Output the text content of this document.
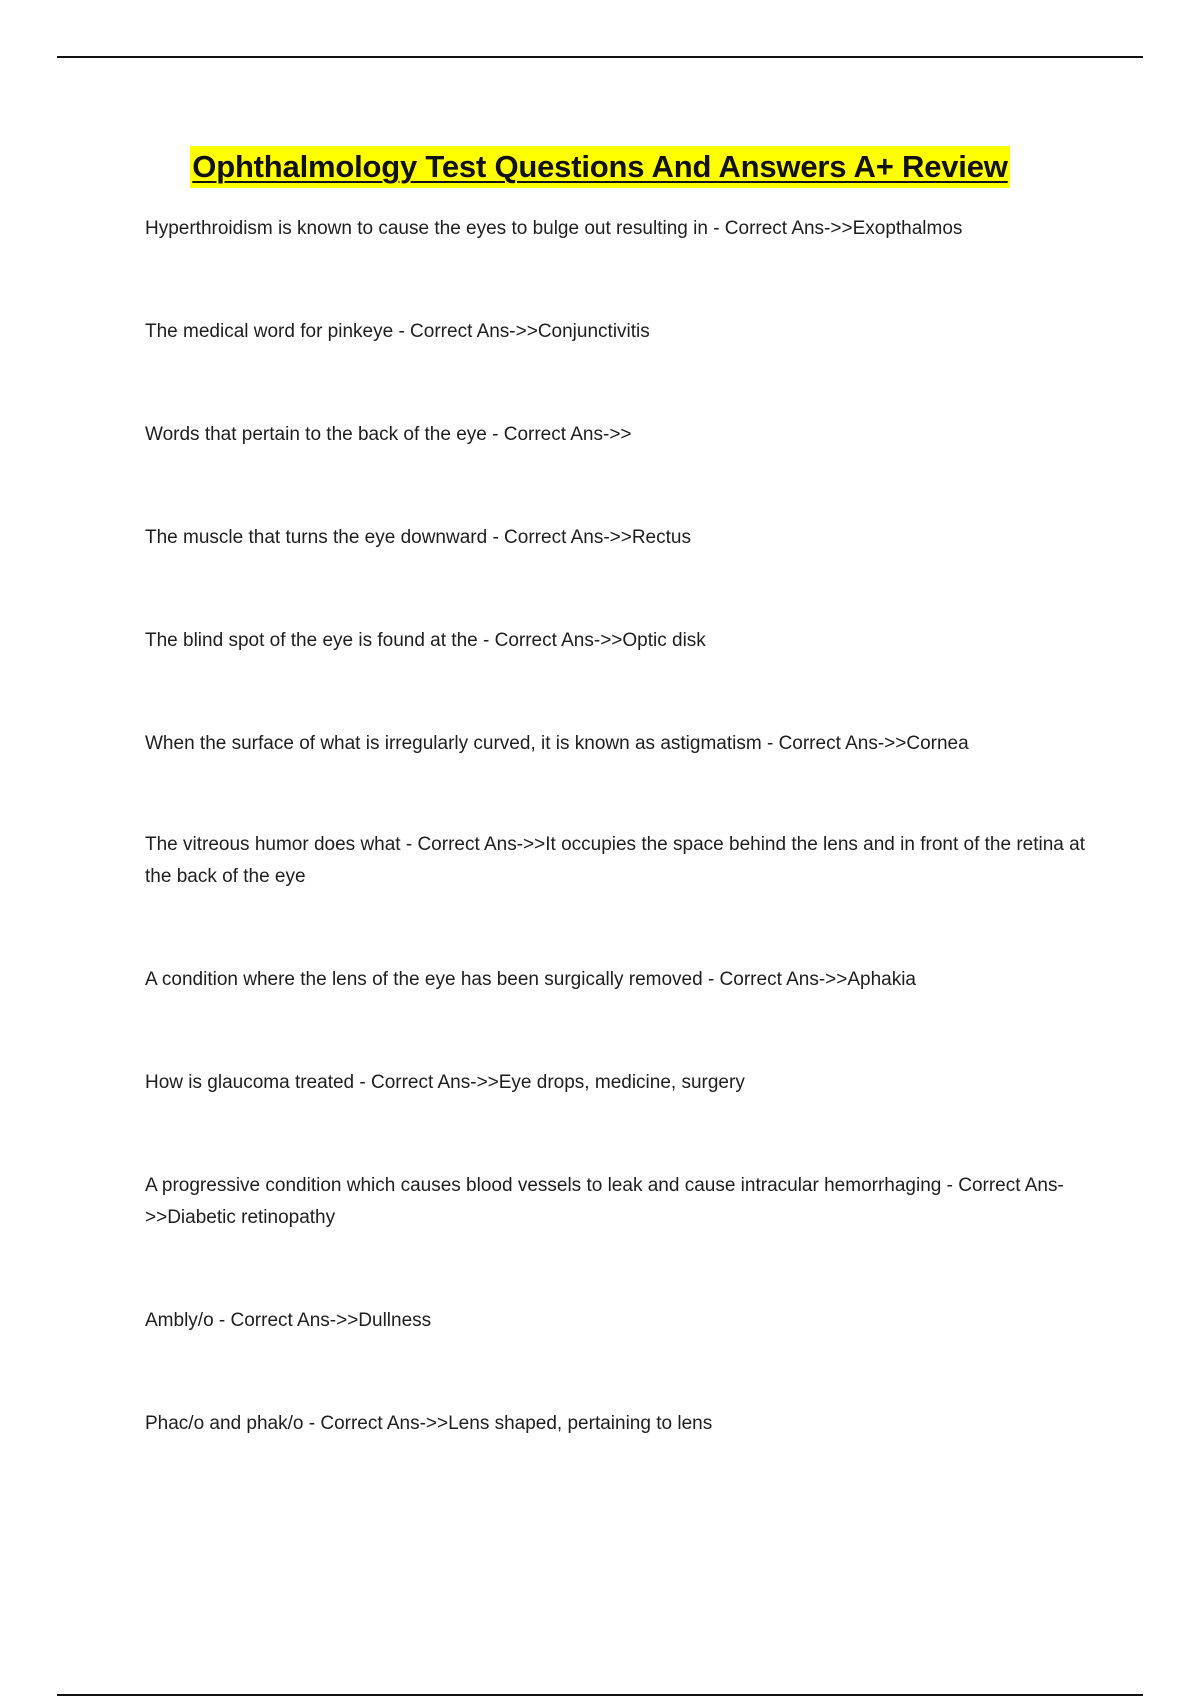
Ophthalmology Test Questions And Answers A+ Review

Hyperthroidism is known to cause the eyes to bulge out resulting in - Correct Ans->>Exopthalmos

The medical word for pinkeye - Correct Ans->>Conjunctivitis

Words that pertain to the back of the eye - Correct Ans->>

The muscle that turns the eye downward - Correct Ans->>Rectus

The blind spot of the eye is found at the - Correct Ans->>Optic disk

When the surface of what is irregularly curved, it is known as astigmatism - Correct Ans->>Cornea

The vitreous humor does what - Correct Ans->>It occupies the space behind the lens and in front of the retina at the back of the eye

A condition where the lens of the eye has been surgically removed - Correct Ans->>Aphakia

How is glaucoma treated - Correct Ans->>Eye drops, medicine, surgery

A progressive condition which causes blood vessels to leak and cause intracular hemorrhaging - Correct Ans->>Diabetic retinopathy

Ambly/o - Correct Ans->>Dullness

Phac/o and phak/o - Correct Ans->>Lens shaped, pertaining to lens
